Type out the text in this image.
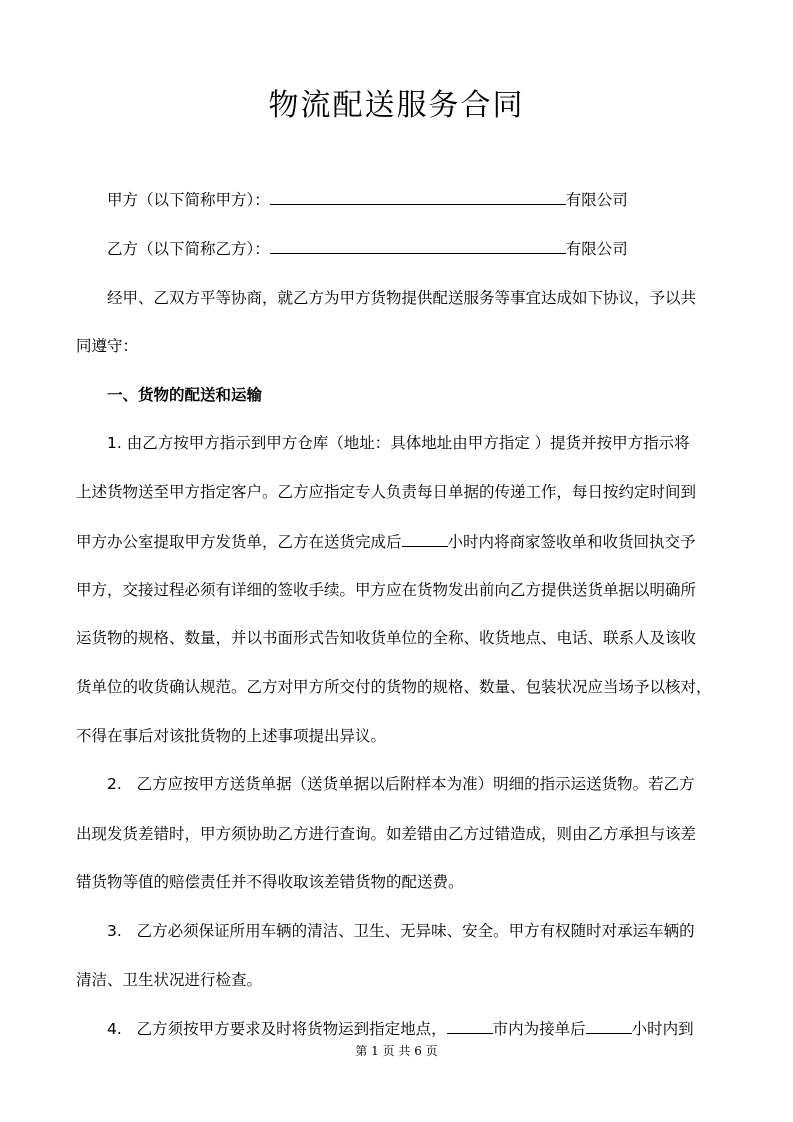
物流配送服务合同
甲方（以下简称甲方）：	有限公司
乙方（以下简称乙方）：	有限公司
经甲、乙双方平等协商，就乙方为甲方货物提供配送服务等事宜达成如下协议，予以共
同遵守：
一、货物的配送和运输
1. 由乙方按甲方指示到甲方仓库（地址：具体地址由甲方指定 ）提货并按甲方指示将
上述货物送至甲方指定客户。乙方应指定专人负责每日单据的传递工作，每日按约定时间到
甲方办公室提取甲方发货单，乙方在送货完成后	小时内将商家签收单和收货回执交予
甲方，交接过程必须有详细的签收手续。甲方应在货物发出前向乙方提供送货单据以明确所
运货物的规格、数量，并以书面形式告知收货单位的全称、收货地点、电话、联系人及该收
货单位的收货确认规范。乙方对甲方所交付的货物的规格、数量、包装状况应当场予以核对，
不得在事后对该批货物的上述事项提出异议。
2.   乙方应按甲方送货单据（送货单据以后附样本为准）明细的指示运送货物。若乙方
出现发货差错时，甲方须协助乙方进行查询。如差错由乙方过错造成，则由乙方承担与该差
错货物等值的赔偿责任并不得收取该差错货物的配送费。
3.   乙方必须保证所用车辆的清洁、卫生、无异味、安全。甲方有权随时对承运车辆的
清洁、卫生状况进行检查。
4.   乙方须按甲方要求及时将货物运到指定地点，	市内为接单后	小时内到
第 1 页 共 6 页
